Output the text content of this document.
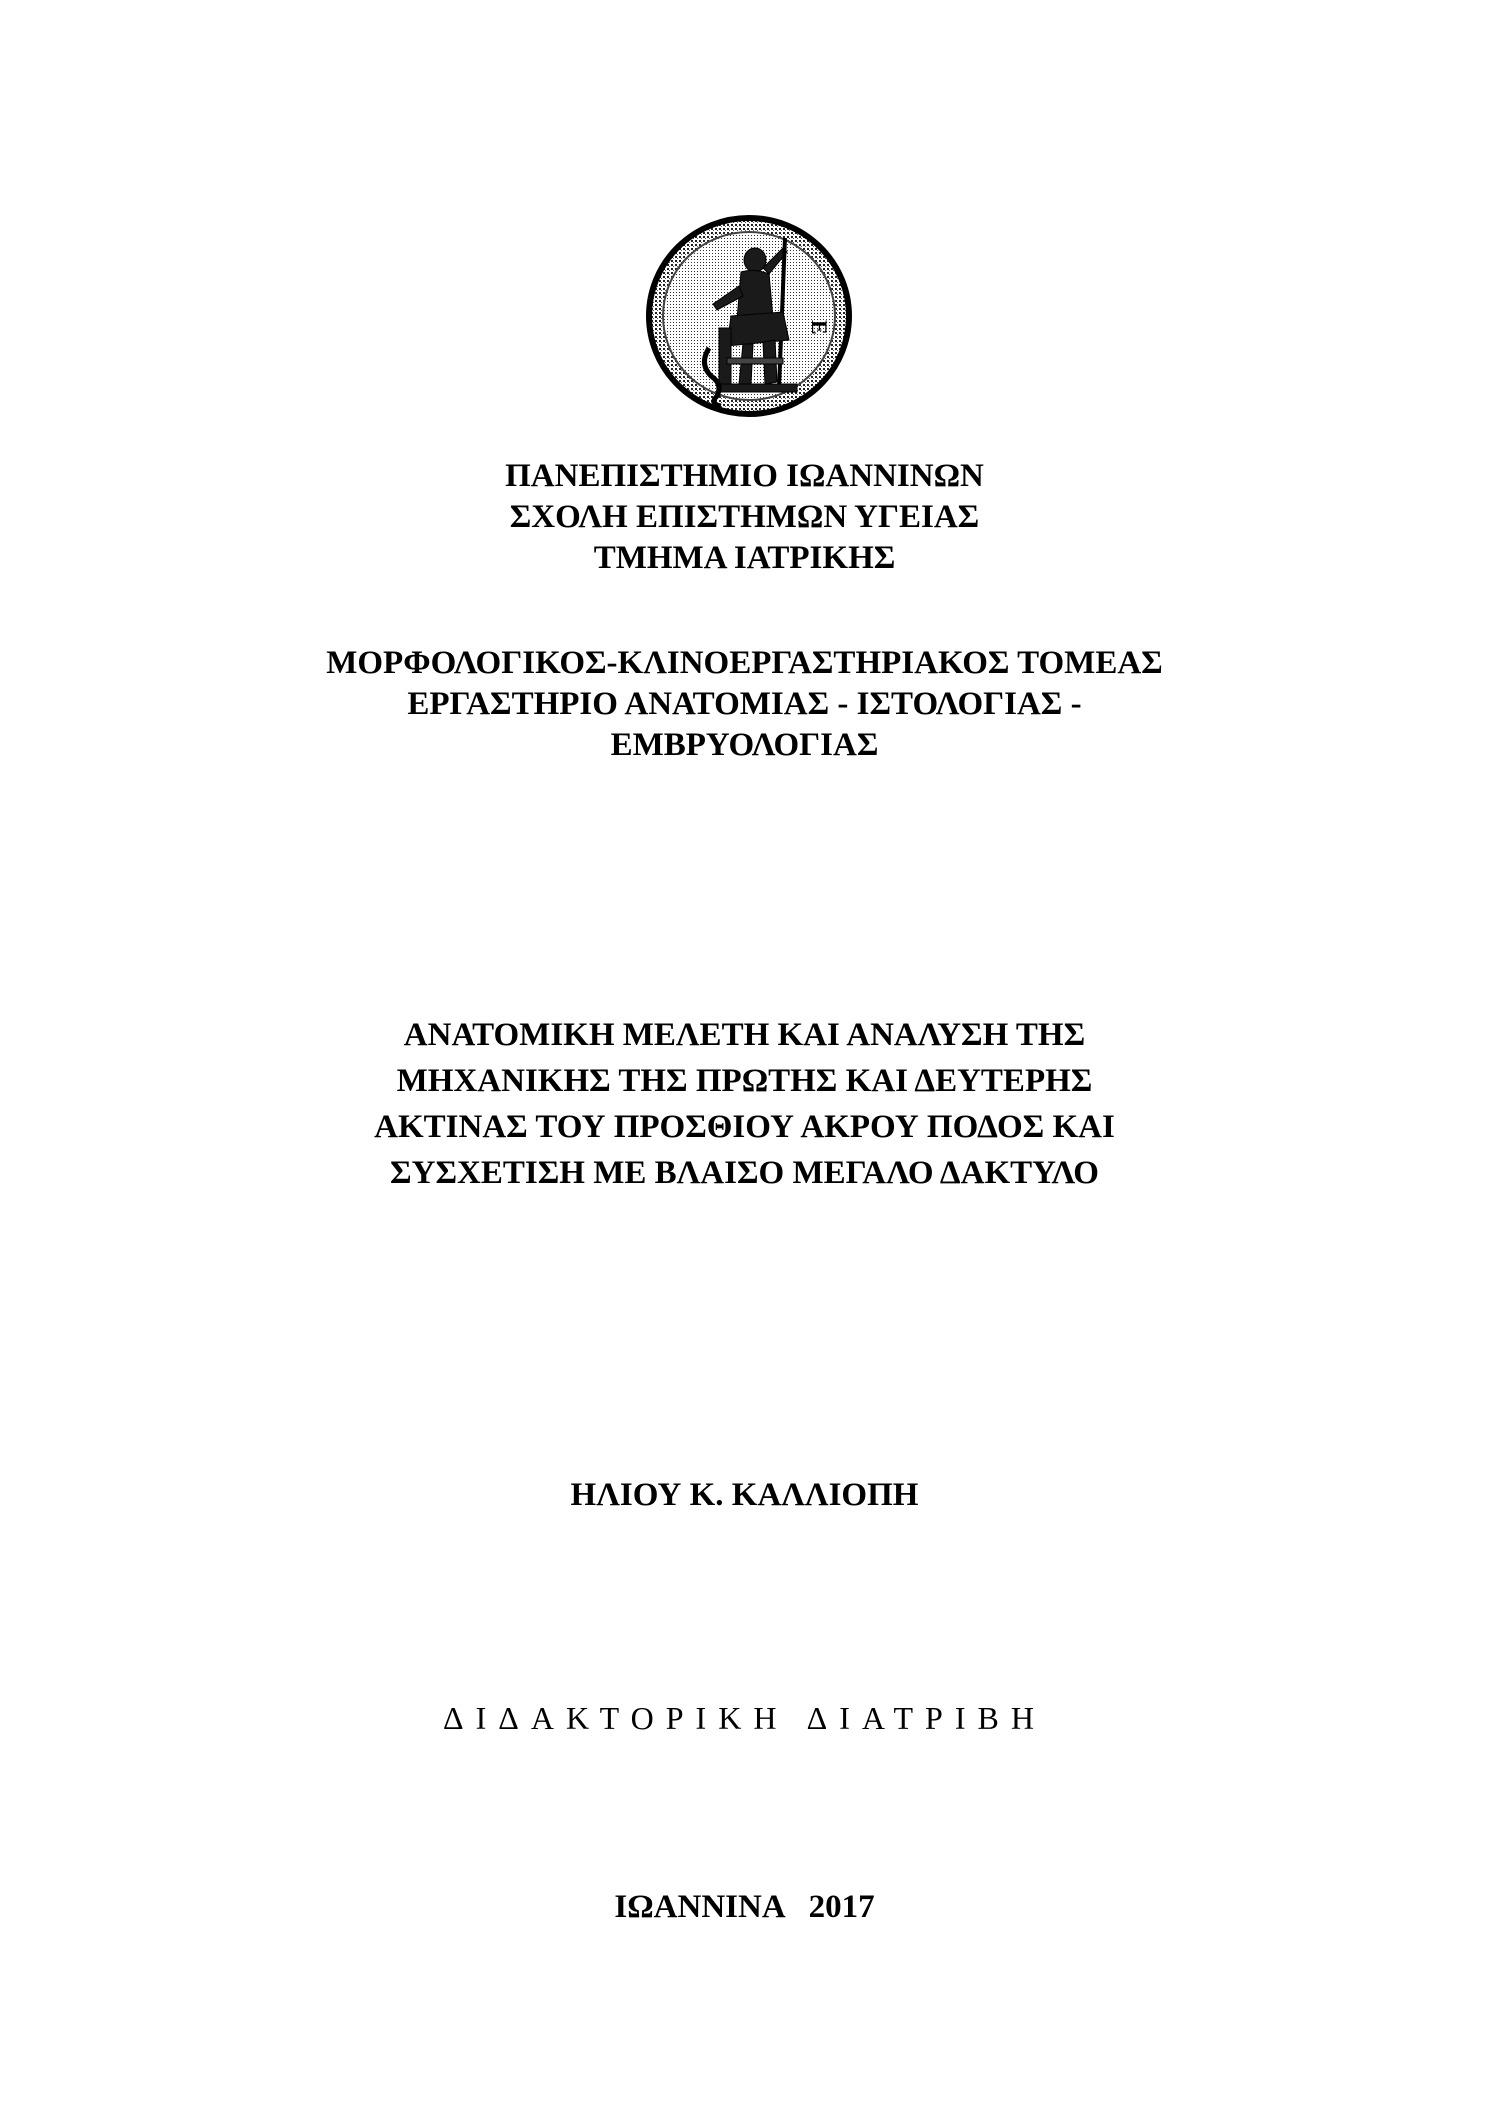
Ε
ΠΑΝΕΠΙΣΤΗΜΙΟ ΙΩΑΝΝΙΝΩΝ
ΣΧΟΛΗ ΕΠΙΣΤΗΜΩΝ ΥΓΕΙΑΣ
ΤΜΗΜΑ ΙΑΤΡΙΚΗΣ
ΜΟΡΦΟΛΟΓΙΚΟΣ-ΚΛΙΝΟΕΡΓΑΣΤΗΡΙΑΚΟΣ ΤΟΜΕΑΣ
ΕΡΓΑΣΤΗΡΙΟ ΑΝΑΤΟΜΙΑΣ - ΙΣΤΟΛΟΓΙΑΣ -
ΕΜΒΡΥΟΛΟΓΙΑΣ
ΑΝΑΤΟΜΙΚΗ ΜΕΛΕΤΗ ΚΑΙ ΑΝΑΛΥΣΗ ΤΗΣ
ΜΗΧΑΝΙΚΗΣ ΤΗΣ ΠΡΩΤΗΣ ΚΑΙ ΔΕΥΤΕΡΗΣ
ΑΚΤΙΝΑΣ ΤΟΥ ΠΡΟΣΘΙΟΥ ΑΚΡΟΥ ΠΟΔΟΣ ΚΑΙ
ΣΥΣΧΕΤΙΣΗ ΜΕ ΒΛΑΙΣΟ ΜΕΓΑΛΟ ΔΑΚΤΥΛΟ
ΗΛΙΟΥ Κ. ΚΑΛΛΙΟΠΗ
ΔΙΔΑΚΤΟΡΙΚΗ ΔΙΑΤΡΙΒΗ
ΙΩΑΝΝΙΝΑ   2017
